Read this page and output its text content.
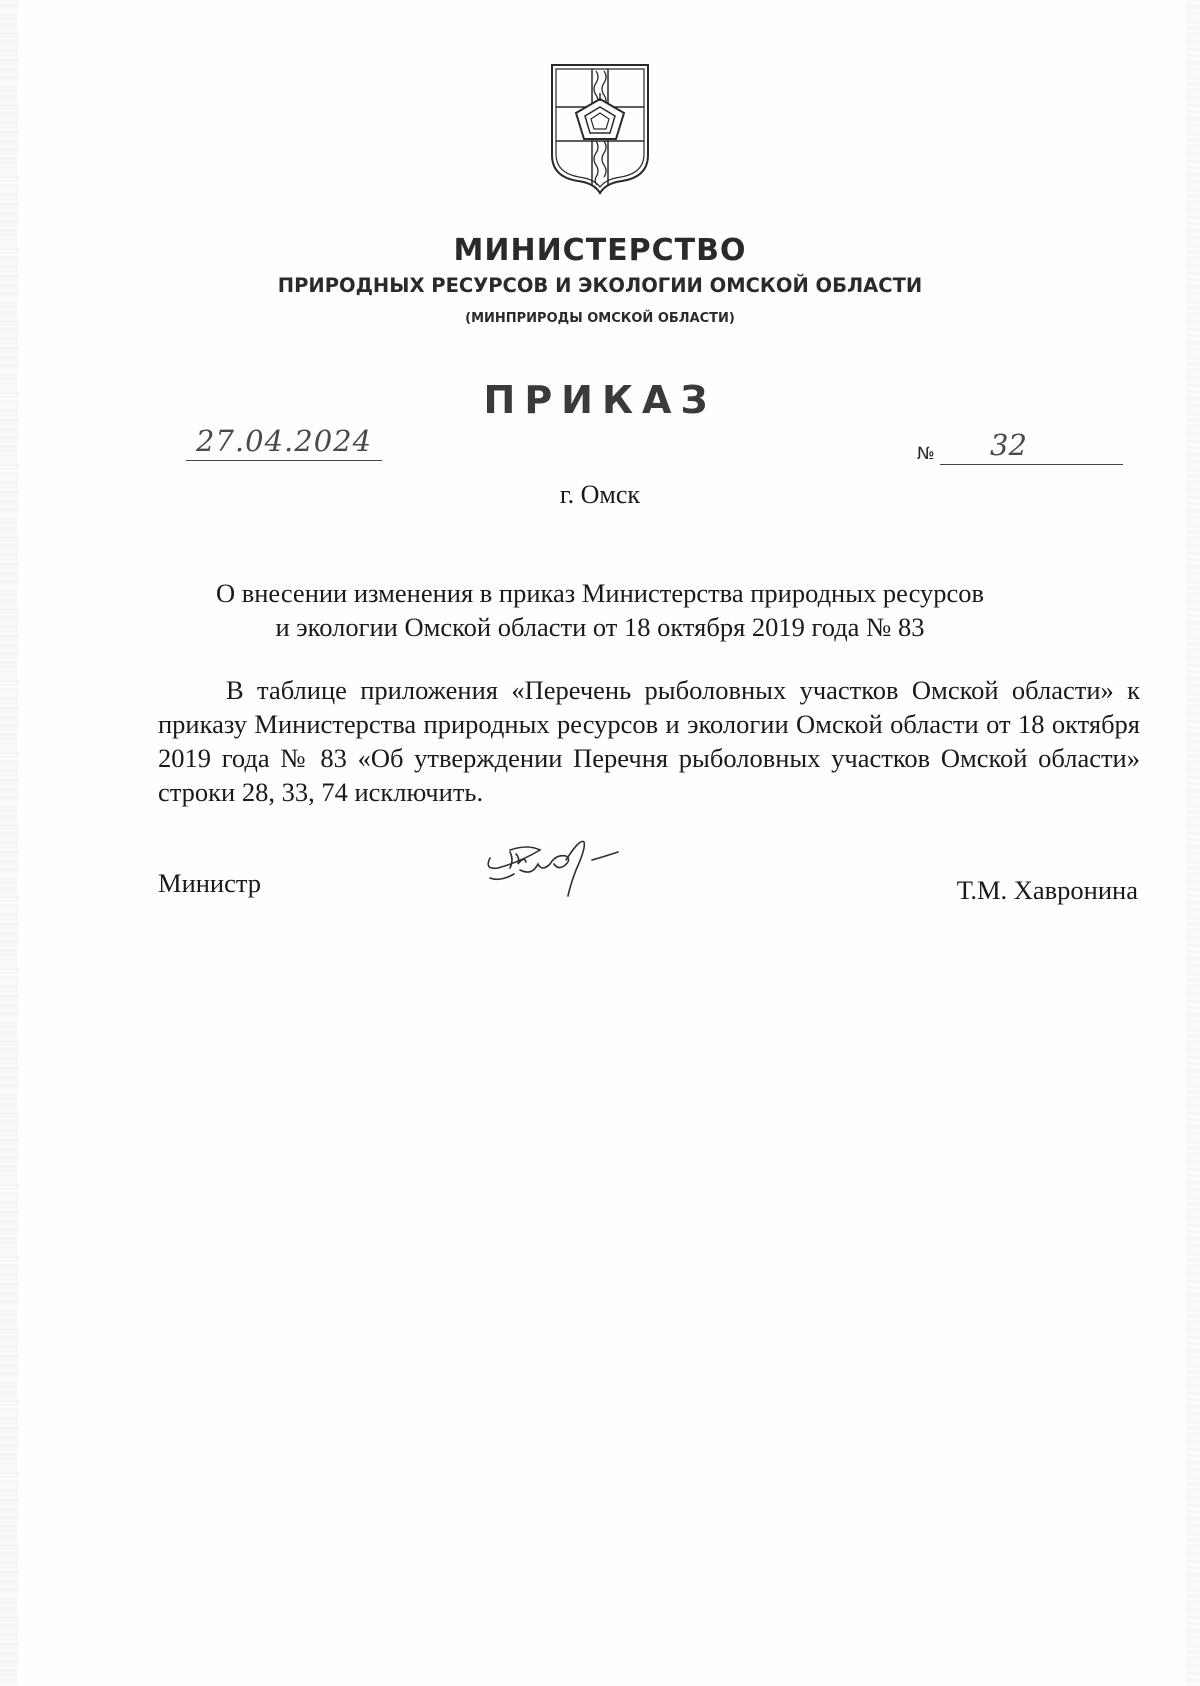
МИНИСТЕРСТВО
ПРИРОДНЫХ РЕСУРСОВ И ЭКОЛОГИИ ОМСКОЙ ОБЛАСТИ
(МИНПРИРОДЫ ОМСКОЙ ОБЛАСТИ)
ПРИКАЗ
27.04.2024	№ 32
г. Омск
О внесении изменения в приказ Министерства природных ресурсов
и экологии Омской области от 18 октября 2019 года № 83
В таблице приложения «Перечень рыболовных участков Омской области» к приказу Министерства природных ресурсов и экологии Омской области от 18 октября 2019 года № 83 «Об утверждении Перечня рыболовных участков Омской области» строки 28, 33, 74 исключить.
Министр	Т.М. Хавронина
